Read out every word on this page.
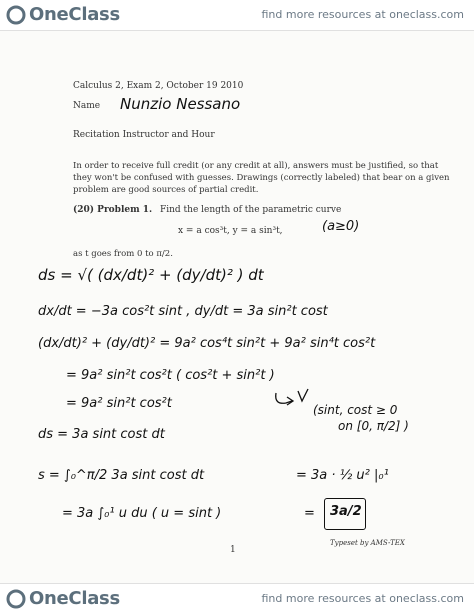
OneClass	find more resources at oneclass.com
Calculus 2, Exam 2, October 19 2010
Name Nunzio Nessano
Recitation Instructor and Hour
In order to receive full credit (or any credit at all), answers must be justified, so that
they won't be confused with guesses. Drawings (correctly labeled) that bear on a given
problem are good sources of partial credit.
(20) Problem 1. Find the length of the parametric curve
x = a cos³t, y = a sin³t,	(a≥0)
as t goes from 0 to π/2.
ds = √( (dx/dt)² + (dy/dt)² ) dt
dx/dt = −3a cos²t sint , dy/dt = 3a sin²t cost
(dx/dt)² + (dy/dt)² = 9a² cos⁴t sin²t + 9a² sin⁴t cos²t
= 9a² sin²t cos²t ( cos²t + sin²t )
= 9a² sin²t cos²t	(sint, cost ≥ 0
on [0, π/2] )
ds = 3a sint cost dt
s = ∫₀^π/2 3a sint cost dt
= 3a ∫₀¹ u du ( u = sint )
= 3a · ½ u² |₀¹
= 3a/2
1
Typeset by AMS-TEX
OneClass	find more resources at oneclass.com
